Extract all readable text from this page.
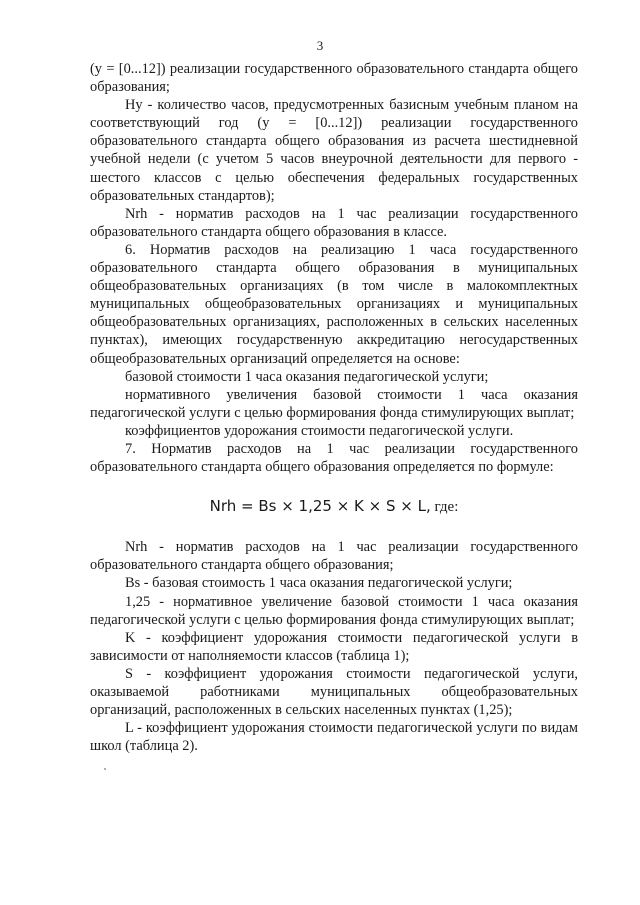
3

(y = [0...12]) реализации государственного образовательного стандарта общего образования;

Hy - количество часов, предусмотренных базисным учебным планом на соответствующий год (y = [0...12]) реализации государственного образовательного стандарта общего образования из расчета шестидневной учебной недели (с учетом 5 часов внеурочной деятельности для первого - шестого классов с целью обеспечения федеральных государственных образовательных стандартов);

Nrh - норматив расходов на 1 час реализации государственного образовательного стандарта общего образования в классе.

6. Норматив расходов на реализацию 1 часа государственного образовательного стандарта общего образования в муниципальных общеобразовательных организациях (в том числе в малокомплектных муниципальных общеобразовательных организациях и муниципальных общеобразовательных организациях, расположенных в сельских населенных пунктах), имеющих государственную аккредитацию негосударственных общеобразовательных организаций определяется на основе:

базовой стоимости 1 часа оказания педагогической услуги;

нормативного увеличения базовой стоимости 1 часа оказания педагогической услуги с целью формирования фонда стимулирующих выплат;

коэффициентов удорожания стоимости педагогической услуги.

7. Норматив расходов на 1 час реализации государственного образовательного стандарта общего образования определяется по формуле:

Nrh = Bs × 1,25 × K × S × L, где:

Nrh - норматив расходов на 1 час реализации государственного образовательного стандарта общего образования;

Bs - базовая стоимость 1 часа оказания педагогической услуги;

1,25 - нормативное увеличение базовой стоимости 1 часа оказания педагогической услуги с целью формирования фонда стимулирующих выплат;

K - коэффициент удорожания стоимости педагогической услуги в зависимости от наполняемости классов (таблица 1);

S - коэффициент удорожания стоимости педагогической услуги, оказываемой работниками муниципальных общеобразовательных организаций, расположенных в сельских населенных пунктах (1,25);

L - коэффициент удорожания стоимости педагогической услуги по видам школ (таблица 2).
